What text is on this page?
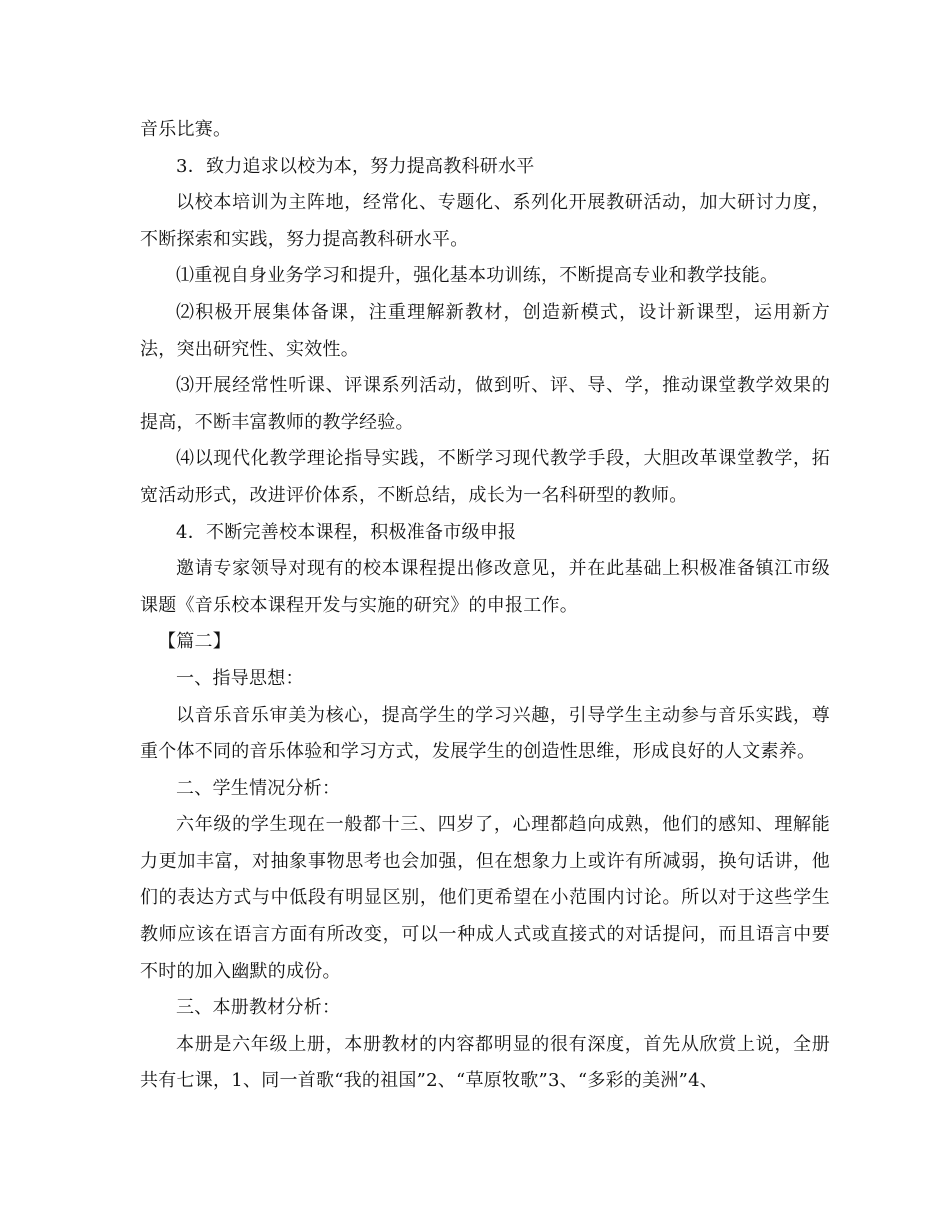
音乐比赛。

3．致力追求以校为本，努力提高教科研水平

以校本培训为主阵地，经常化、专题化、系列化开展教研活动，加大研讨力度，不断探索和实践，努力提高教科研水平。

⑴重视自身业务学习和提升，强化基本功训练，不断提高专业和教学技能。

⑵积极开展集体备课，注重理解新教材，创造新模式，设计新课型，运用新方法，突出研究性、实效性。

⑶开展经常性听课、评课系列活动，做到听、评、导、学，推动课堂教学效果的提高，不断丰富教师的教学经验。

⑷以现代化教学理论指导实践，不断学习现代教学手段，大胆改革课堂教学，拓宽活动形式，改进评价体系，不断总结，成长为一名科研型的教师。

4．不断完善校本课程，积极准备市级申报

邀请专家领导对现有的校本课程提出修改意见，并在此基础上积极准备镇江市级课题《音乐校本课程开发与实施的研究》的申报工作。

【篇二】

一、指导思想：

以音乐音乐审美为核心，提高学生的学习兴趣，引导学生主动参与音乐实践，尊重个体不同的音乐体验和学习方式，发展学生的创造性思维，形成良好的人文素养。

二、学生情况分析：

六年级的学生现在一般都十三、四岁了，心理都趋向成熟，他们的感知、理解能力更加丰富，对抽象事物思考也会加强，但在想象力上或许有所减弱，换句话讲，他们的表达方式与中低段有明显区别，他们更希望在小范围内讨论。所以对于这些学生教师应该在语言方面有所改变，可以一种成人式或直接式的对话提问，而且语言中要不时的加入幽默的成份。

三、本册教材分析：

本册是六年级上册，本册教材的内容都明显的很有深度，首先从欣赏上说，全册共有七课，1、同一首歌“我的祖国”2、“草原牧歌”3、“多彩的美洲”4、
